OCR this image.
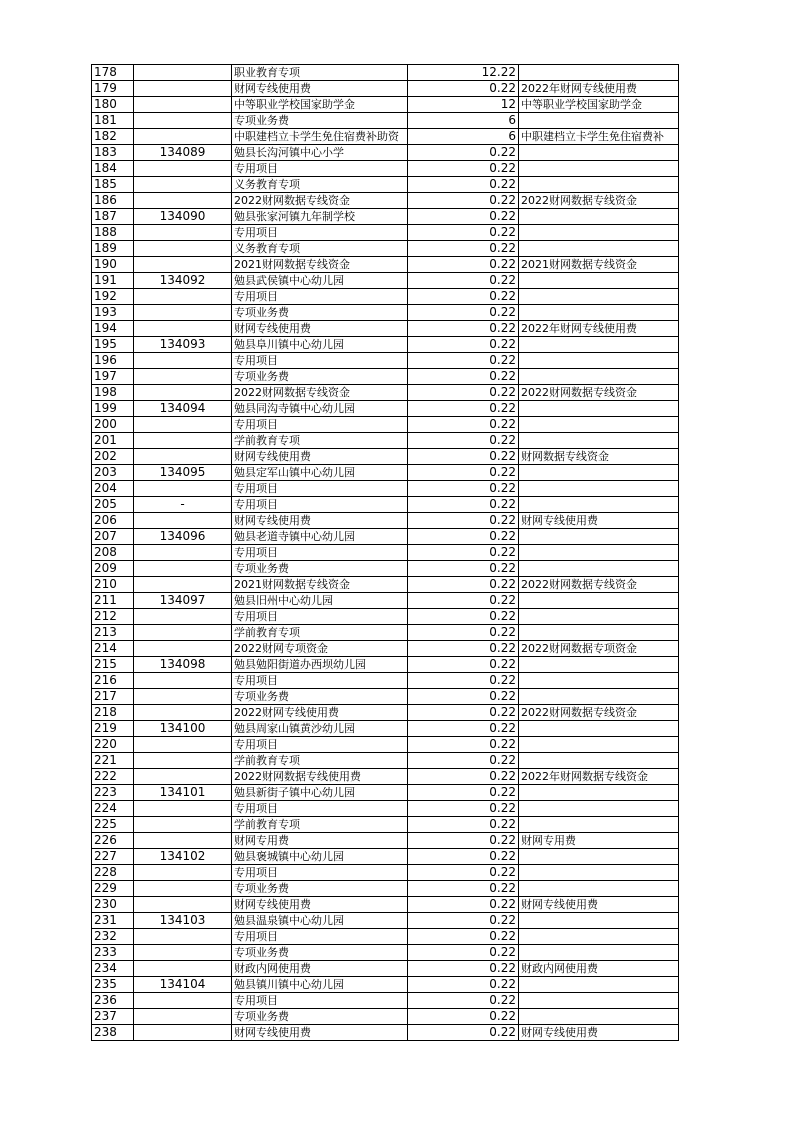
178		职业教育专项	12.22	
179		财网专线使用费	0.22	2022年财网专线使用费
180		中等职业学校国家助学金	12	中等职业学校国家助学金
181		专项业务费	6	
182		中职建档立卡学生免住宿费补助资	6	中职建档立卡学生免住宿费补
183	134089	勉县长沟河镇中心小学	0.22	
184		专用项目	0.22	
185		义务教育专项	0.22	
186		2022财网数据专线资金	0.22	2022财网数据专线资金
187	134090	勉县张家河镇九年制学校	0.22	
188		专用项目	0.22	
189		义务教育专项	0.22	
190		2021财网数据专线资金	0.22	2021财网数据专线资金
191	134092	勉县武侯镇中心幼儿园	0.22	
192		专用项目	0.22	
193		专项业务费	0.22	
194		财网专线使用费	0.22	2022年财网专线使用费
195	134093	勉县阜川镇中心幼儿园	0.22	
196		专用项目	0.22	
197		专项业务费	0.22	
198		2022财网数据专线资金	0.22	2022财网数据专线资金
199	134094	勉县同沟寺镇中心幼儿园	0.22	
200		专用项目	0.22	
201		学前教育专项	0.22	
202		财网专线使用费	0.22	财网数据专线资金
203	134095	勉县定军山镇中心幼儿园	0.22	
204		专用项目	0.22	
205	-	专用项目	0.22	
206		财网专线使用费	0.22	财网专线使用费
207	134096	勉县老道寺镇中心幼儿园	0.22	
208		专用项目	0.22	
209		专项业务费	0.22	
210		2021财网数据专线资金	0.22	2022财网数据专线资金
211	134097	勉县旧州中心幼儿园	0.22	
212		专用项目	0.22	
213		学前教育专项	0.22	
214		2022财网专项资金	0.22	2022财网数据专项资金
215	134098	勉县勉阳街道办西坝幼儿园	0.22	
216		专用项目	0.22	
217		专项业务费	0.22	
218		2022财网专线使用费	0.22	2022财网数据专线资金
219	134100	勉县周家山镇黄沙幼儿园	0.22	
220		专用项目	0.22	
221		学前教育专项	0.22	
222		2022财网数据专线使用费	0.22	2022年财网数据专线资金
223	134101	勉县新街子镇中心幼儿园	0.22	
224		专用项目	0.22	
225		学前教育专项	0.22	
226		财网专用费	0.22	财网专用费
227	134102	勉县褒城镇中心幼儿园	0.22	
228		专用项目	0.22	
229		专项业务费	0.22	
230		财网专线使用费	0.22	财网专线使用费
231	134103	勉县温泉镇中心幼儿园	0.22	
232		专用项目	0.22	
233		专项业务费	0.22	
234		财政内网使用费	0.22	财政内网使用费
235	134104	勉县镇川镇中心幼儿园	0.22	
236		专用项目	0.22	
237		专项业务费	0.22	
238		财网专线使用费	0.22	财网专线使用费
